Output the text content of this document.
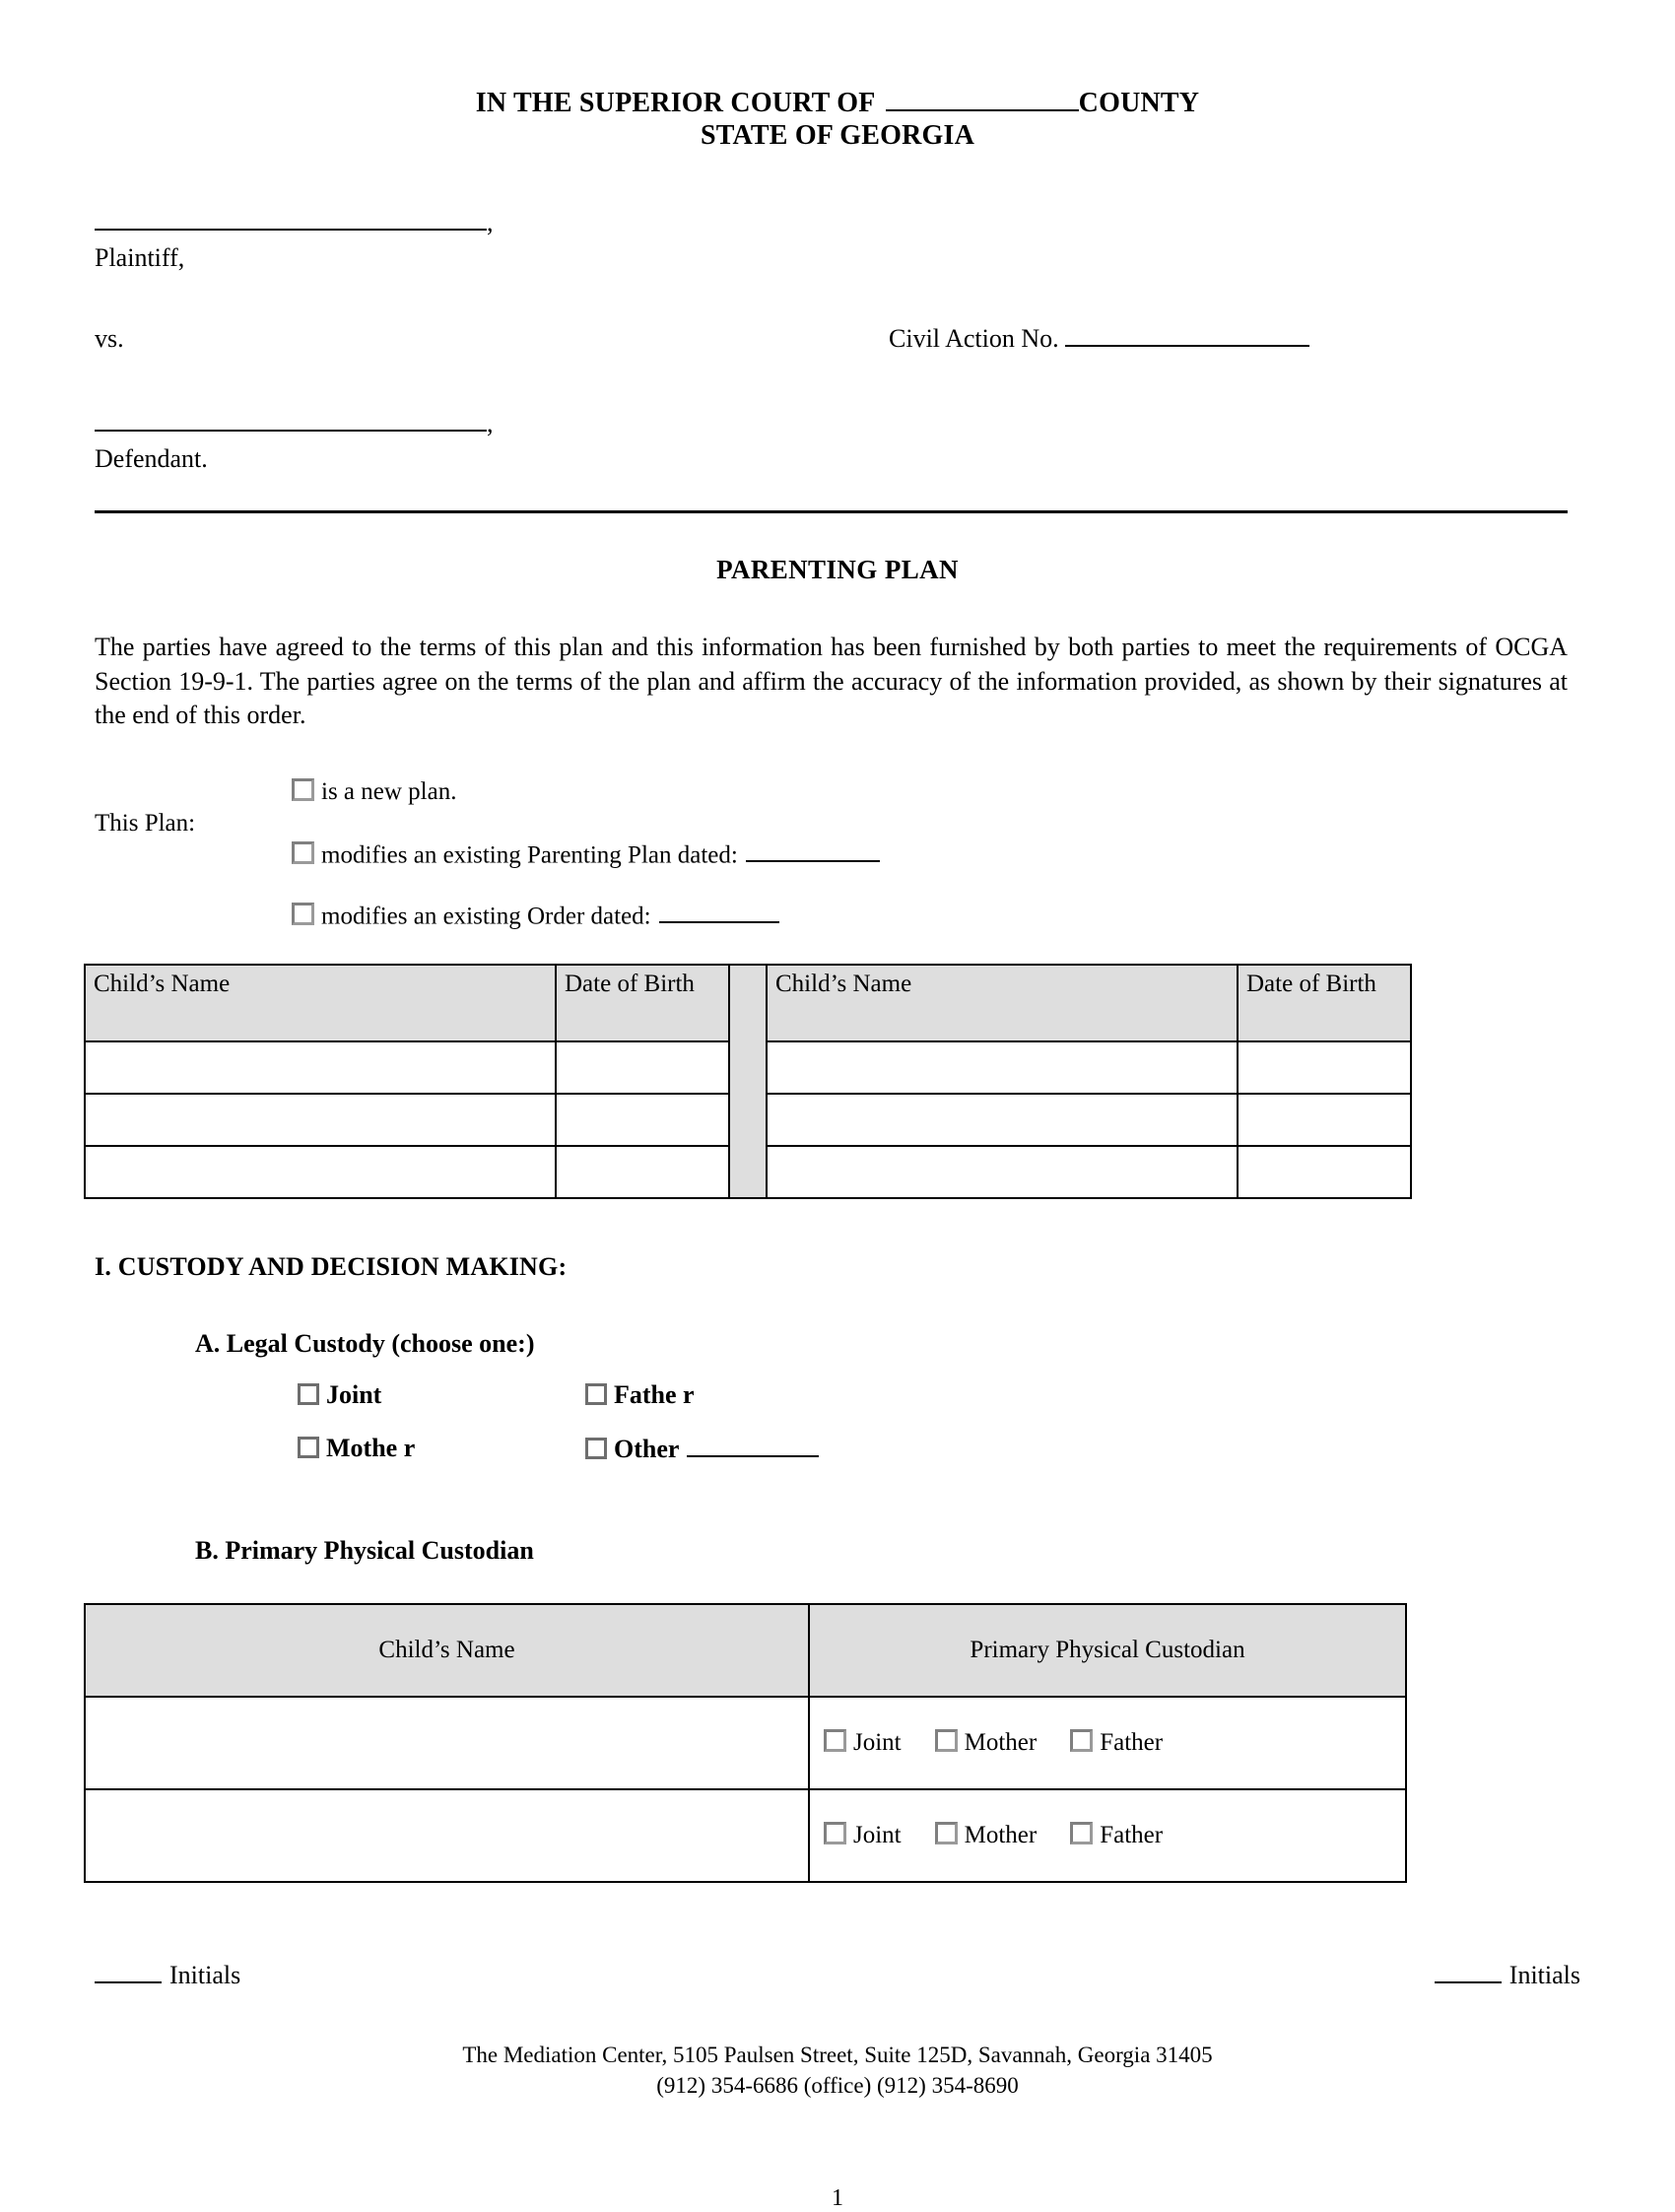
IN THE SUPERIOR COURT OF	COUNTY
STATE OF GEORGIA
,
Plaintiff,
vs.	Civil Action No.
,
Defendant.
PARENTING PLAN
The parties have agreed to the terms of this plan and this information has been furnished by both parties to meet the requirements of OCGA Section 19-9-1. The parties agree on the terms of the plan and affirm the accuracy of the information provided, as shown by their signatures at the end of this order.
This Plan:
is a new plan.
modifies an existing Parenting Plan dated:
modifies an existing Order dated:
Child’s Name	Date of Birth		Child’s Name	Date of Birth

I. CUSTODY AND DECISION MAKING:
A. Legal Custody (choose one:)
Joint	Fathe r
Mothe r	Other
B. Primary Physical Custodian
Child’s Name	Primary Physical Custodian
	Joint Mother Father
	Joint Mother Father
Initials	Initials
The Mediation Center, 5105 Paulsen Street, Suite 125D, Savannah, Georgia 31405
(912) 354-6686 (office) (912) 354-8690
1
